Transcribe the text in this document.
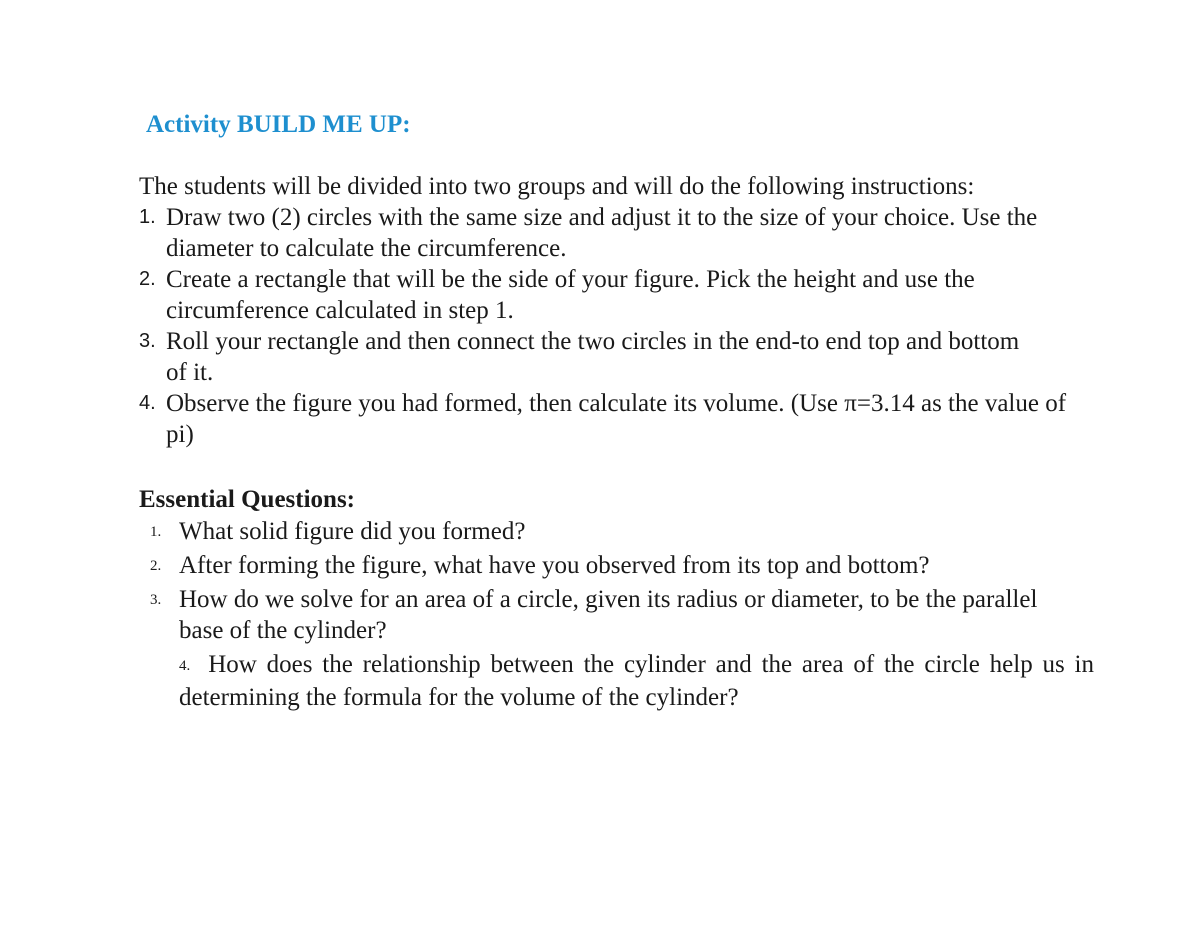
Activity BUILD ME UP:

The students will be divided into two groups and will do the following instructions:

1. Draw two (2) circles with the same size and adjust it to the size of your choice. Use the diameter to calculate the circumference.
2. Create a rectangle that will be the side of your figure. Pick the height and use the circumference calculated in step 1.
3. Roll your rectangle and then connect the two circles in the end-to end top and bottom of it.
4. Observe the figure you had formed, then calculate its volume. (Use π=3.14 as the value of pi)
Essential Questions:
1. What solid figure did you formed?
2. After forming the figure, what have you observed from its top and bottom?
3. How do we solve for an area of a circle, given its radius or diameter, to be the parallel base of the cylinder?

4. How does the relationship between the cylinder and the area of the circle help us in determining the formula for the volume of the cylinder?
